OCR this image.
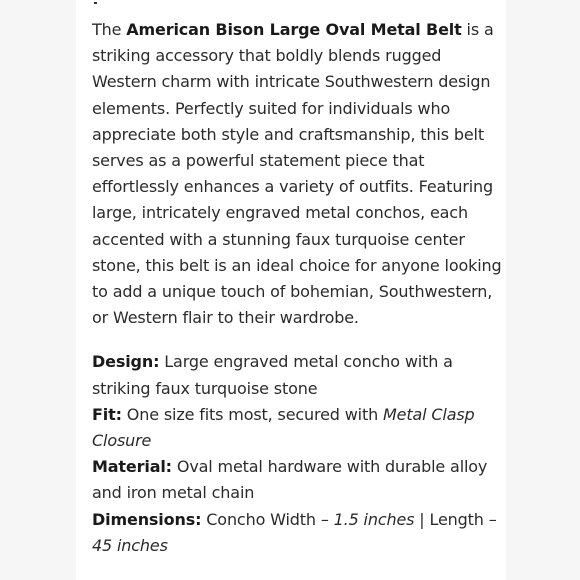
The American Bison Large Oval Metal Belt is a striking accessory that boldly blends rugged Western charm with intricate Southwestern design elements. Perfectly suited for individuals who appreciate both style and craftsmanship, this belt serves as a powerful statement piece that effortlessly enhances a variety of outfits. Featuring large, intricately engraved metal conchos, each accented with a stunning faux turquoise center stone, this belt is an ideal choice for anyone looking to add a unique touch of bohemian, Southwestern, or Western flair to their wardrobe.

Design: Large engraved metal concho with a striking faux turquoise stone

Fit: One size fits most, secured with Metal Clasp Closure

Material: Oval metal hardware with durable alloy and iron metal chain

Dimensions: Concho Width – 1.5 inches | Length – 45 inches
